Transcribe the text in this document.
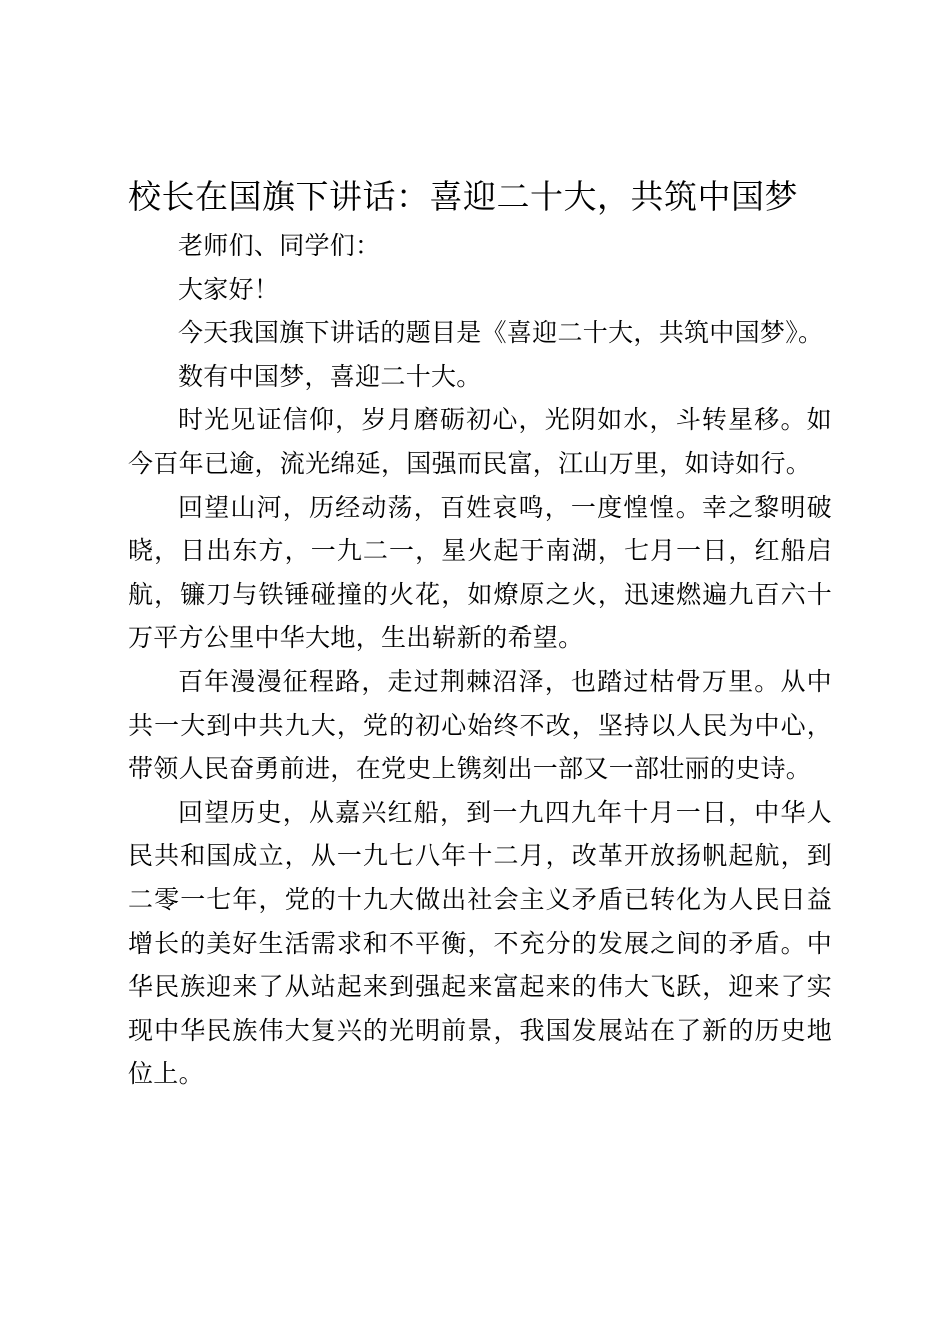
校长在国旗下讲话：喜迎二十大，共筑中国梦

老师们、同学们：

大家好！

今天我国旗下讲话的题目是《喜迎二十大，共筑中国梦》。

数有中国梦，喜迎二十大。

时光见证信仰，岁月磨砺初心，光阴如水，斗转星移。如今百年已逾，流光绵延，国强而民富，江山万里，如诗如行。

回望山河，历经动荡，百姓哀鸣，一度惶惶。幸之黎明破晓，日出东方，一九二一，星火起于南湖，七月一日，红船启航，镰刀与铁锤碰撞的火花，如燎原之火，迅速燃遍九百六十万平方公里中华大地，生出崭新的希望。

百年漫漫征程路，走过荆棘沼泽，也踏过枯骨万里。从中共一大到中共九大，党的初心始终不改，坚持以人民为中心，带领人民奋勇前进，在党史上镌刻出一部又一部壮丽的史诗。

回望历史，从嘉兴红船，到一九四九年十月一日，中华人民共和国成立，从一九七八年十二月，改革开放扬帆起航，到二零一七年，党的十九大做出社会主义矛盾已转化为人民日益增长的美好生活需求和不平衡，不充分的发展之间的矛盾。中华民族迎来了从站起来到强起来富起来的伟大飞跃，迎来了实现中华民族伟大复兴的光明前景，我国发展站在了新的历史地位上。
